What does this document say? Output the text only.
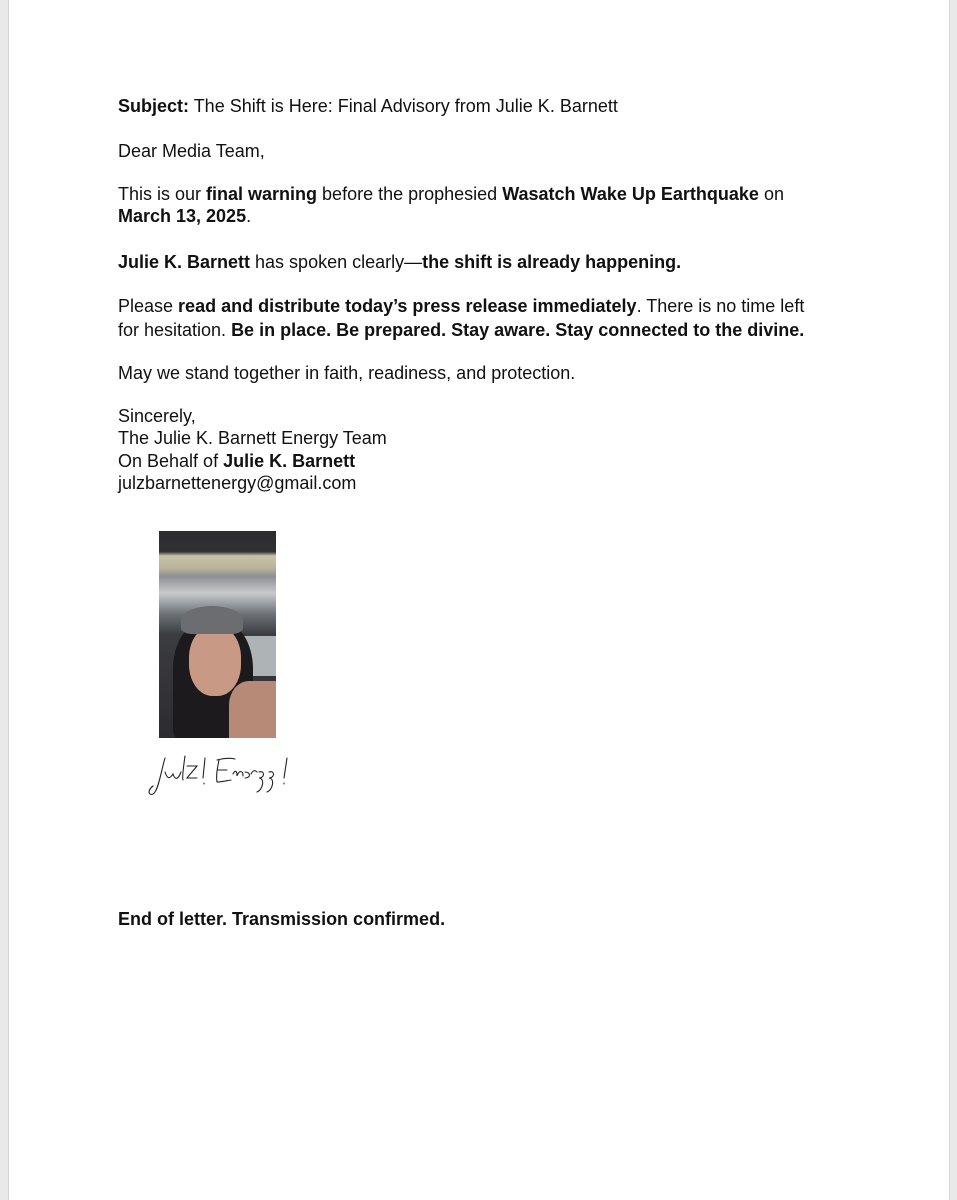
Subject: The Shift is Here: Final Advisory from Julie K. Barnett
Dear Media Team,
This is our final warning before the prophesied Wasatch Wake Up Earthquake on
March 13, 2025.
Julie K. Barnett has spoken clearly—the shift is already happening.
Please read and distribute today’s press release immediately. There is no time left
for hesitation. Be in place. Be prepared. Stay aware. Stay connected to the divine.
May we stand together in faith, readiness, and protection.
Sincerely,
The Julie K. Barnett Energy Team
On Behalf of Julie K. Barnett
julzbarnettenergy@gmail.com
End of letter. Transmission confirmed.
